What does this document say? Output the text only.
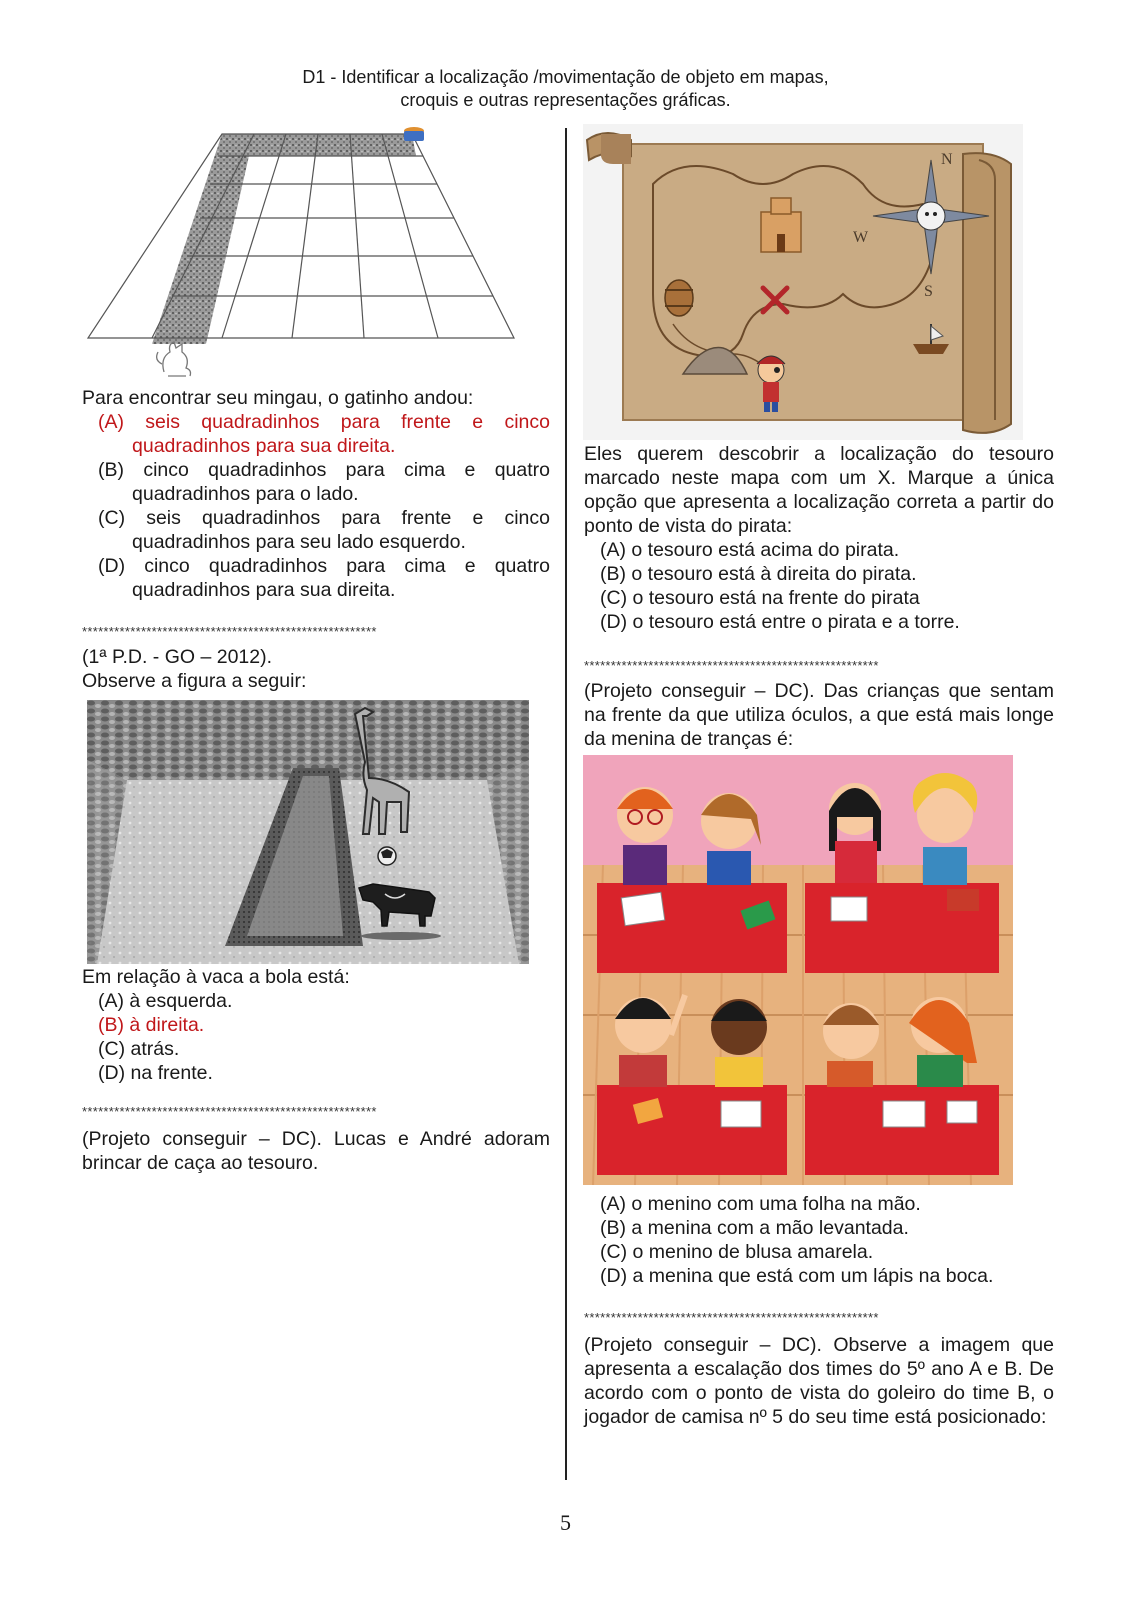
D1 - Identificar a localização /movimentação de objeto em mapas,
croquis e outras representações gráficas.

Para encontrar seu mingau, o gatinho andou:

(A) seis quadradinhos para frente e cinco quadradinhos para sua direita.

(B) cinco quadradinhos para cima e quatro quadradinhos para o lado.

(C) seis quadradinhos para frente e cinco quadradinhos para seu lado esquerdo.

(D) cinco quadradinhos para cima e quatro quadradinhos para sua direita.

*******************************************************

(1ª P.D. - GO – 2012).

Observe a figura a seguir:

Em relação à vaca a bola está:

(A) à esquerda.

(B) à direita.

(C) atrás.

(D) na frente.

*******************************************************

(Projeto conseguir – DC). Lucas e André adoram brincar de caça ao tesouro.

N
S
W

Eles querem descobrir a localização do tesouro marcado neste mapa com um X. Marque a única opção que apresenta a localização correta a partir do ponto de vista do pirata:

(A) o tesouro está acima do pirata.

(B) o tesouro está à direita do pirata.

(C) o tesouro está na frente do pirata

(D) o tesouro está entre o pirata e a torre.

*******************************************************

(Projeto conseguir – DC). Das crianças que sentam na frente da que utiliza óculos, a que está mais longe da menina de tranças é:

(A) o menino com uma folha na mão.

(B) a menina com a mão levantada.

(C) o menino de blusa amarela.

(D) a menina que está com um lápis na boca.

*******************************************************

(Projeto conseguir – DC). Observe a imagem que apresenta a escalação dos times do 5º ano A e B. De acordo com o ponto de vista do goleiro do time B, o jogador de camisa nº 5 do seu time está posicionado:

5
